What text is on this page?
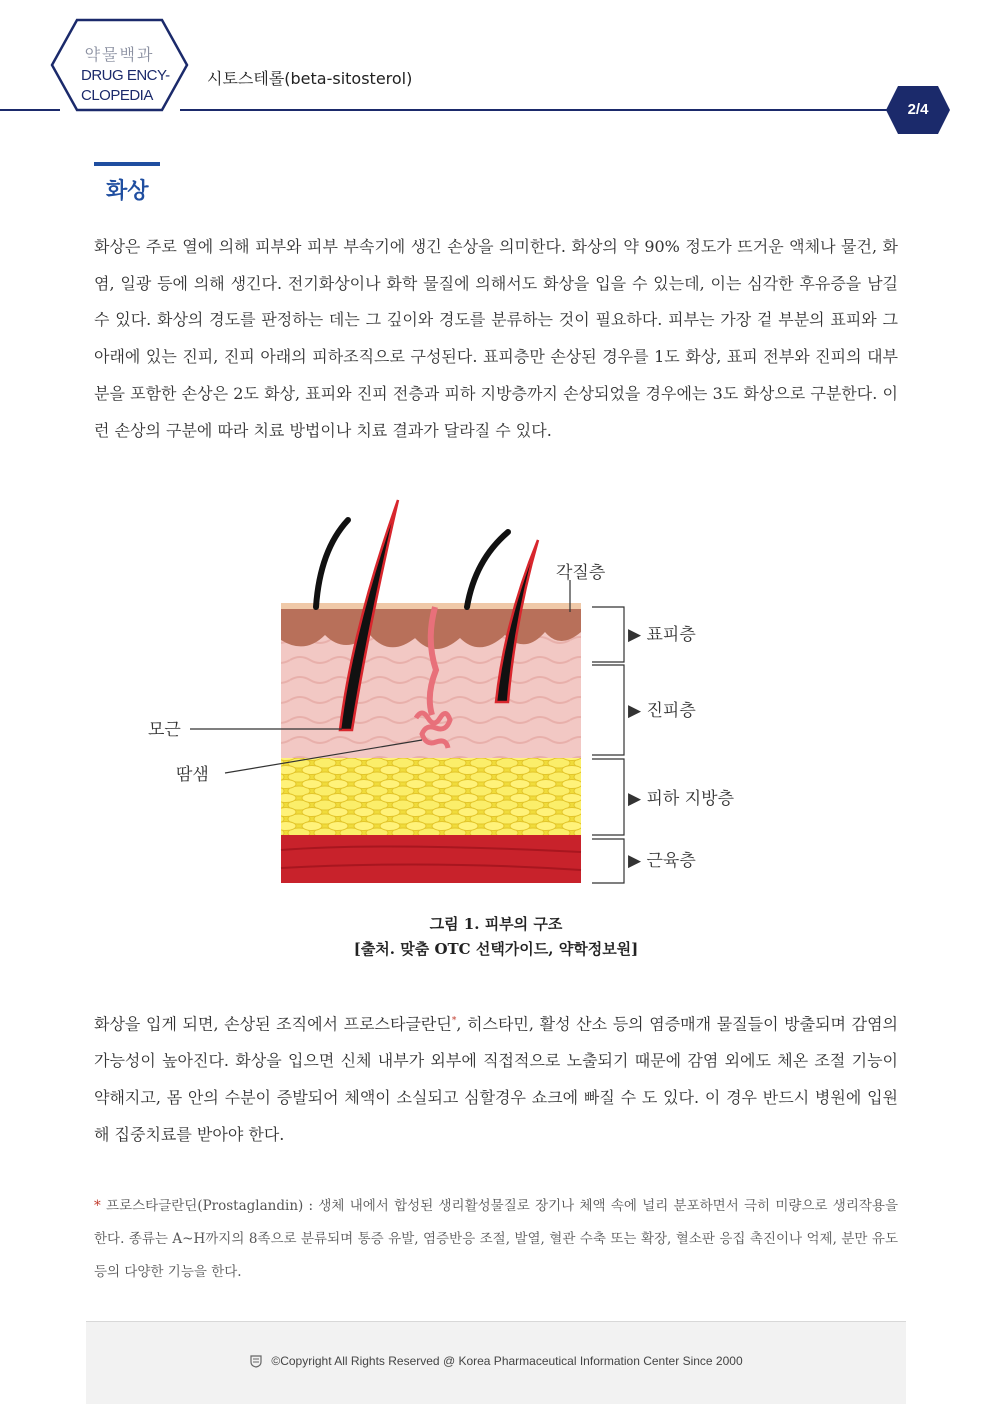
약물백과
DRUG ENCY-
CLOPEDIA
시토스테롤(beta-sitosterol)
2/4
화상
화상은 주로 열에 의해 피부와 피부 부속기에 생긴 손상을 의미한다. 화상의 약 90% 정도가 뜨거운 액체나 물건, 화염, 일광 등에 의해 생긴다. 전기화상이나 화학 물질에 의해서도 화상을 입을 수 있는데, 이는 심각한 후유증을 남길 수 있다. 화상의 경도를 판정하는 데는 그 깊이와 경도를 분류하는 것이 필요하다. 피부는 가장 겉 부분의 표피와 그 아래에 있는 진피, 진피 아래의 피하조직으로 구성된다. 표피층만 손상된 경우를 1도 화상, 표피 전부와 진피의 대부분을 포함한 손상은 2도 화상, 표피와 진피 전층과 피하 지방층까지 손상되었을 경우에는 3도 화상으로 구분한다. 이런 손상의 구분에 따라 치료 방법이나 치료 결과가 달라질 수 있다.
각질층
모근
땀샘
▶ 표피층
▶ 진피층
▶ 피하 지방층
▶ 근육층
그림 1. 피부의 구조
[출처. 맞춤 OTC 선택가이드, 약학정보원]
화상을 입게 되면, 손상된 조직에서 프로스타글란딘*, 히스타민, 활성 산소 등의 염증매개 물질들이 방출되며 감염의 가능성이 높아진다. 화상을 입으면 신체 내부가 외부에 직접적으로 노출되기 때문에 감염 외에도 체온 조절 기능이 약해지고, 몸 안의 수분이 증발되어 체액이 소실되고 심할경우 쇼크에 빠질 수 도 있다. 이 경우 반드시 병원에 입원해 집중치료를 받아야 한다.
* 프로스타글란딘(Prostaglandin) : 생체 내에서 합성된 생리활성물질로 장기나 체액 속에 널리 분포하면서 극히 미량으로 생리작용을 한다. 종류는 A~H까지의 8족으로 분류되며 통증 유발, 염증반응 조절, 발열, 혈관 수축 또는 확장, 혈소판 응집 촉진이나 억제, 분만 유도 등의 다양한 기능을 한다.
©Copyright All Rights Reserved @ Korea Pharmaceutical Information Center Since 2000
